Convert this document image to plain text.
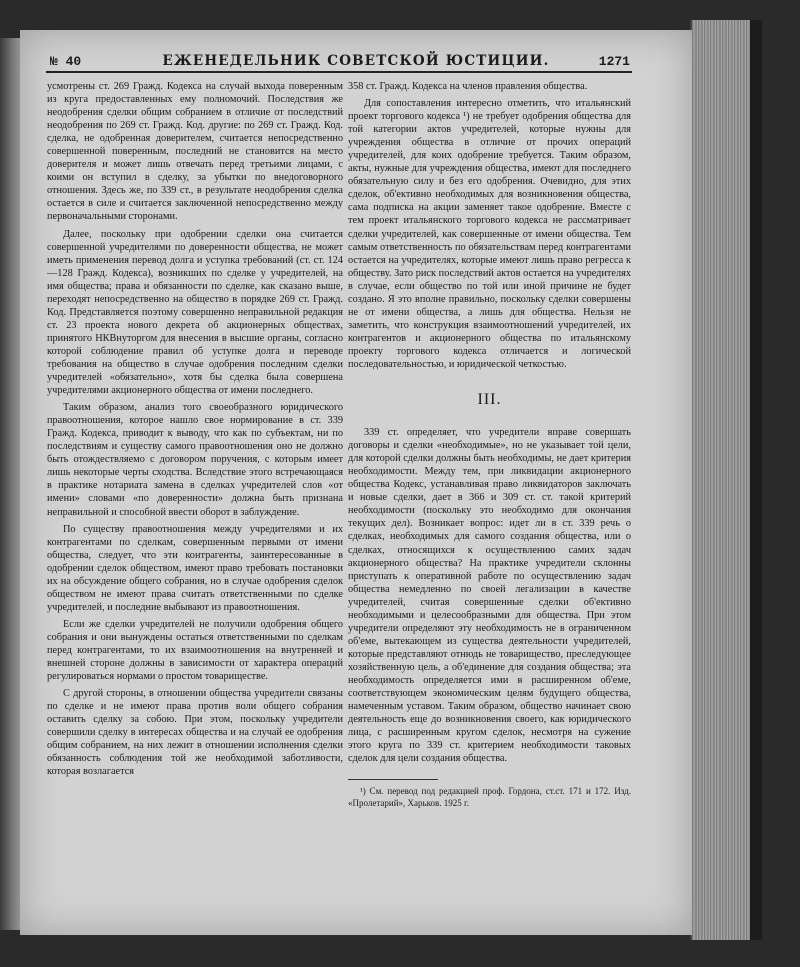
№ 40	ЕЖЕНЕДЕЛЬНИК СОВЕТСКОЙ ЮСТИЦИИ.	1271

усмотрены ст. 269 Гражд. Кодекса на случай выхода поверенным из круга предоставленных ему полномочий. Последствия же неодобрения сделки общим собранием в отличие от последствий неодобрения по 269 ст. Гражд. Код. другие: по 269 ст. Гражд. Код. сделка, не одобренная доверителем, считается непосредственно совершенной поверенным, последний не становится на место доверителя и может лишь отвечать перед третьими лицами, с коими он вступил в сделку, за убытки по внедоговорного отношения. Здесь же, по 339 ст., в результате неодобрения сделка остается в силе и считается заключенной непосредственно между первоначальными сторонами.

Далее, поскольку при одобрении сделки она считается совершенной учредителями по доверенности общества, не может иметь применения перевод долга и уступка требований (ст. ст. 124—128 Гражд. Кодекса), возникших по сделке у учредителей, на имя общества; права и обязанности по сделке, как сказано выше, переходят непосредственно на общество в порядке 269 ст. Гражд. Код. Представляется поэтому совершенно неправильной редакция ст. 23 проекта нового декрета об акционерных обществах, принятого НКВнуторгом для внесения в высшие органы, согласно которой соблюдение правил об уступке долга и переводе требования на общество в случае одобрения последним сделки учредителей «обязательно», хотя бы сделка была совершена учредителями акционерного общества от имени последнего.

Таким образом, анализ того своеобразного юридического правоотношения, которое нашло свое нормирование в ст. 339 Гражд. Кодекса, приводит к выводу, что как по субъектам, ни по последствиям и существу самого правоотношения оно не должно быть отождествляемо с договором поручения, с которым имеет лишь некоторые черты сходства. Вследствие этого встречающаяся в практике нотариата замена в сделках учредителей слов «от имени» словами «по доверенности» должна быть признана неправильной и способной ввести оборот в заблуждение.

По существу правоотношения между учредителями и их контрагентами по сделкам, совершенным первыми от имени общества, следует, что эти контрагенты, заинтересованные в одобрении сделок обществом, имеют право требовать постановки их на обсуждение общего собрания, но в случае одобрения сделок обществом не имеют права считать ответственными по сделке учредителей, и последние выбывают из правоотношения.

Если же сделки учредителей не получили одобрения общего собрания и они вынуждены остаться ответственными по сделкам перед контрагентами, то их взаимоотношения на внутренней и внешней стороне должны в зависимости от характера операций регулироваться нормами о простом товариществе.

С другой стороны, в отношении общества учредители связаны по сделке и не имеют права против воли общего собрания оставить сделку за собою. При этом, поскольку учредители совершили сделку в интересах общества и на случай ее одобрения общим собранием, на них лежит в отношении исполнения сделки обязанность соблюдения той же необходимой заботливости, которая возлагается

358 ст. Гражд. Кодекса на членов правления общества.

Для сопоставления интересно отметить, что итальянский проект торгового кодекса ¹) не требует одобрения общества для той категории актов учредителей, которые нужны для учреждения общества в отличие от прочих операций учредителей, для коих одобрение требуется. Таким образом, акты, нужные для учреждения общества, имеют для последнего обязательную силу и без его одобрения. Очевидно, для этих сделок, об'ективно необходимых для возникновения общества, сама подписка на акции заменяет такое одобрение. Вместе с тем проект итальянского торгового кодекса не рассматривает сделки учредителей, как совершенные от имени общества. Тем самым ответственность по обязательствам перед контрагентами остается на учредителях, которые имеют лишь право регресса к обществу. Зато риск последствий актов остается на учредителях в случае, если общество по той или иной причине не будет создано. Я это вполне правильно, поскольку сделки совершены не от имени общества, а лишь для общества. Нельзя не заметить, что конструкция взаимоотношений учредителей, их контрагентов и акционерного общества по итальянскому проекту торгового кодекса отличается и логической последовательностью, и юридической четкостью.

III.

339 ст. определяет, что учредители вправе совершать договоры и сделки «необходимые», но не указывает той цели, для которой сделки должны быть необходимы, не дает критерия необходимости. Между тем, при ликвидации акционерного общества Кодекс, устанавливая право ликвидаторов заключать и новые сделки, дает в 366 и 309 ст. ст. такой критерий необходимости (поскольку это необходимо для окончания текущих дел). Возникает вопрос: идет ли в ст. 339 речь о сделках, необходимых для самого создания общества, или о сделках, относящихся к осуществлению самих задач акционерного общества? На практике учредители склонны приступать к оперативной работе по осуществлению задач общества немедленно по своей легализации в качестве учредителей, считая совершенные сделки об'ективно необходимыми и целесообразными для общества. При этом учредители определяют эту необходимость не в ограниченном об'еме, вытекающем из существа деятельности учредителей, которые представляют отнюдь не товарищество, преследующее хозяйственную цель, а об'единение для создания общества; эта необходимость определяется ими в расширенном об'еме, соответствующем экономическим целям будущего общества, намеченным уставом. Таким образом, общество начинает свою деятельность еще до возникновения своего, как юридического лица, с расширенным кругом сделок, несмотря на сужение этого круга по 339 ст. критерием необходимости таковых сделок для цели создания общества.

¹) См. перевод под редакцией проф. Гордона, ст.ст. 171 и 172. Изд. «Пролетарий», Харьков. 1925 г.
